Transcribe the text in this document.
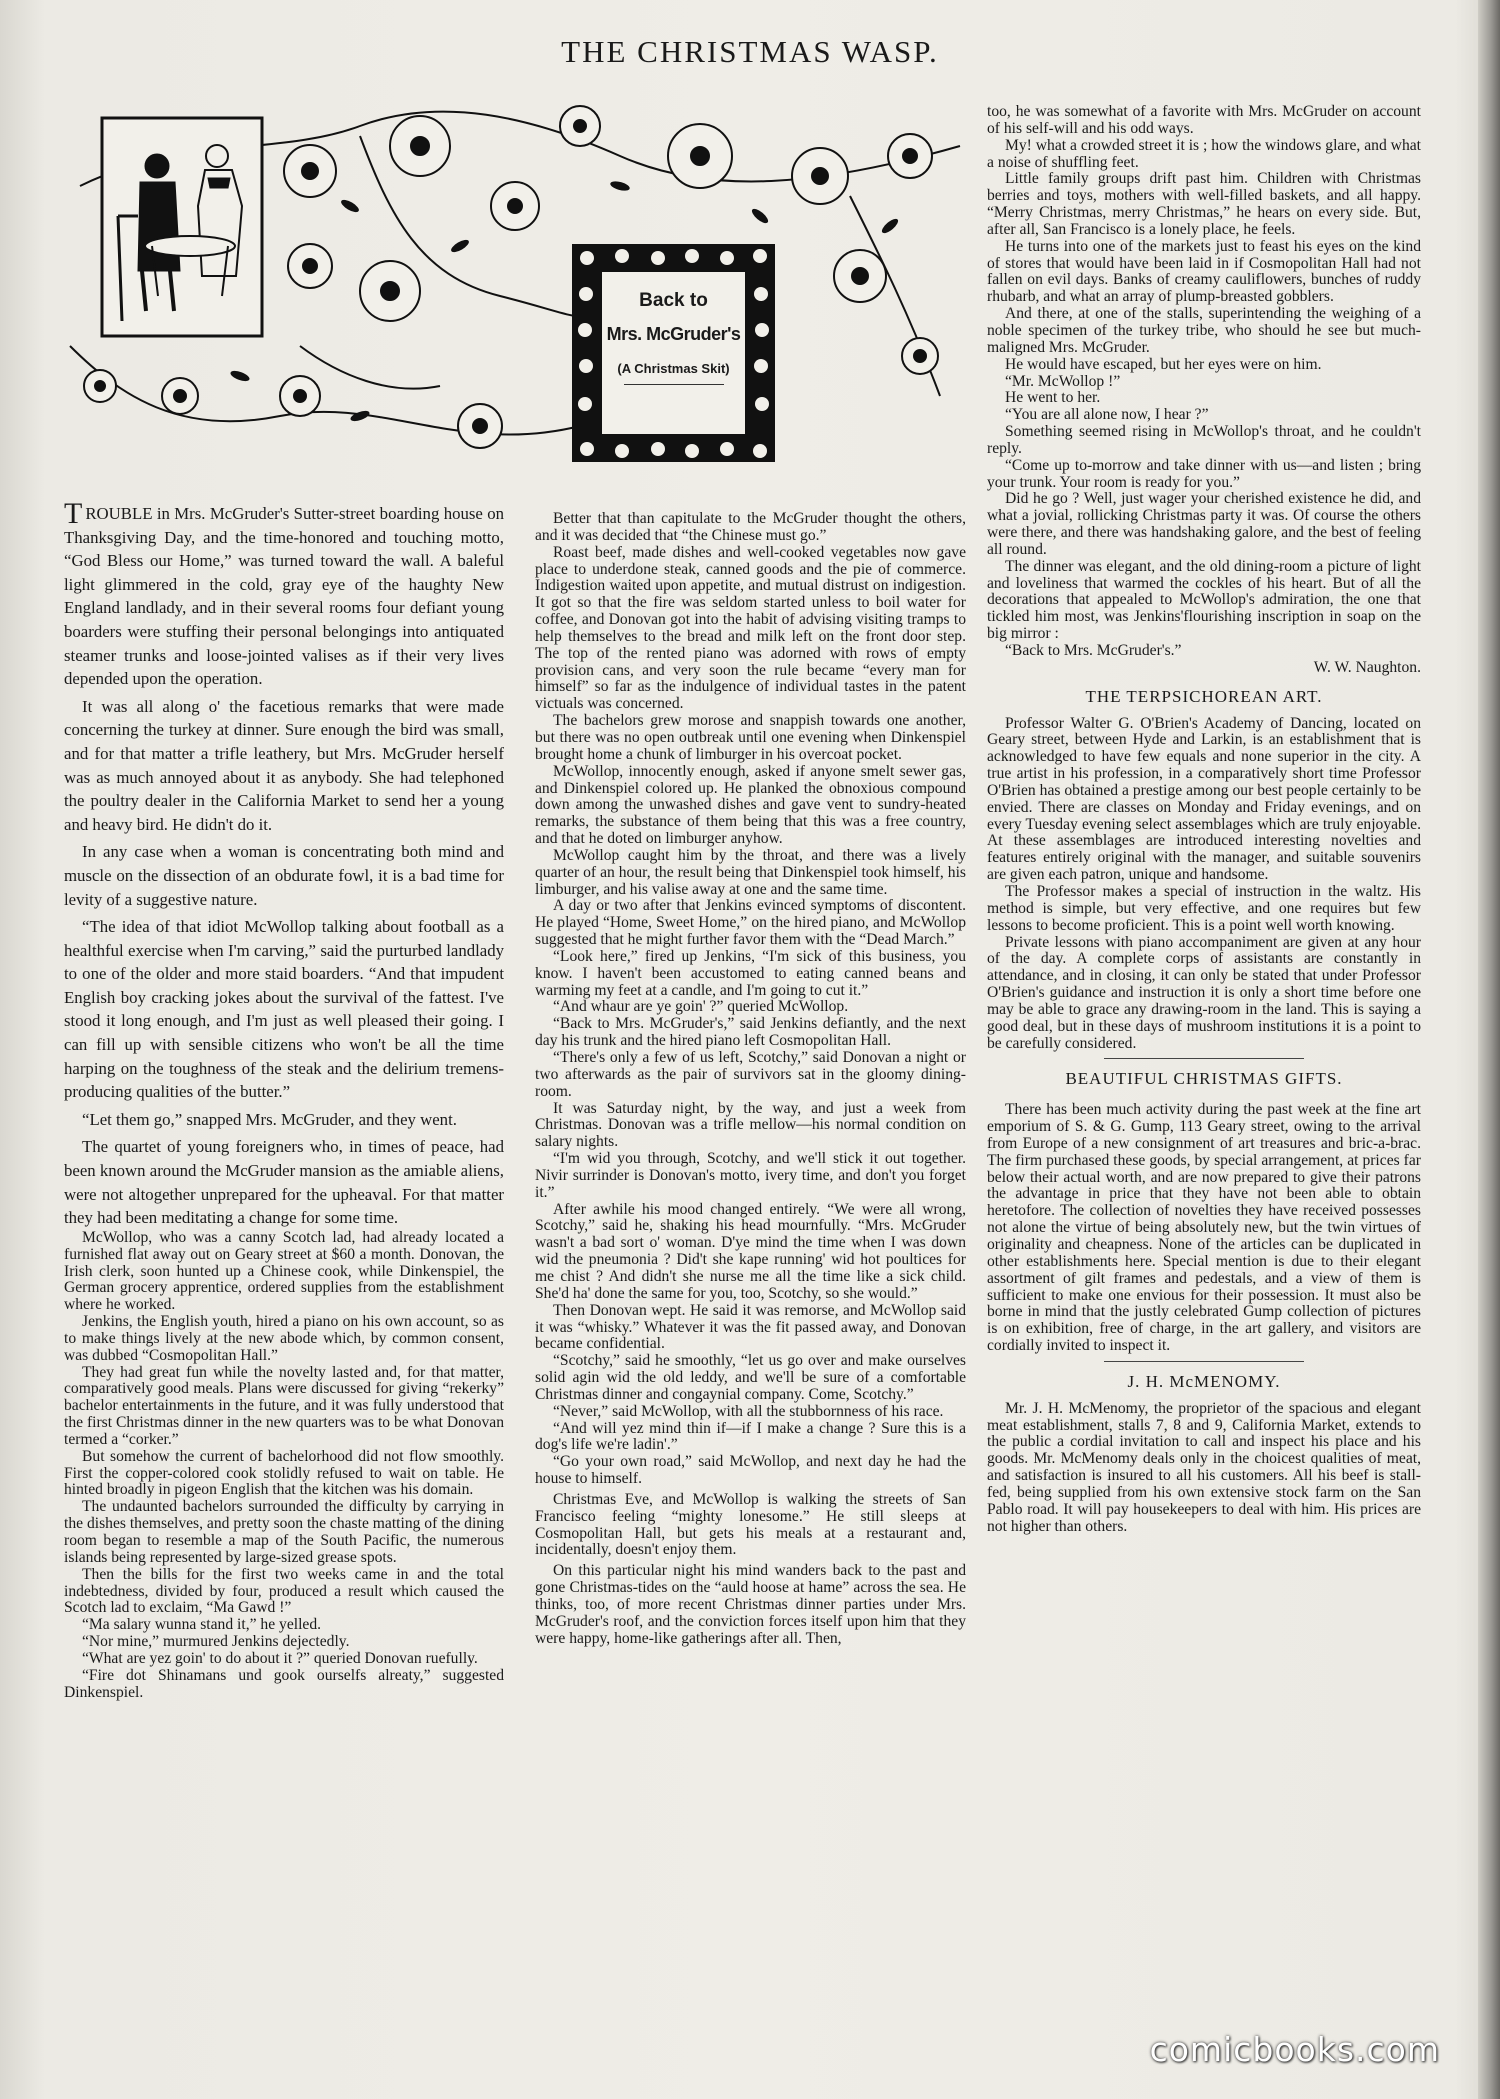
THE CHRISTMAS WASP.
Back to
Mrs. McGruder's
(A Christmas Skit)

TROUBLE in Mrs. McGruder's Sutter-street boarding house on Thanksgiving Day, and the time-honored and touching motto, “God Bless our Home,” was turned toward the wall. A baleful light glimmered in the cold, gray eye of the haughty New England landlady, and in their several rooms four defiant young boarders were stuffing their personal belongings into antiquated steamer trunks and loose-jointed valises as if their very lives depended upon the operation.

It was all along o' the facetious remarks that were made concerning the turkey at dinner. Sure enough the bird was small, and for that matter a trifle leathery, but Mrs. McGruder herself was as much annoyed about it as anybody. She had telephoned the poultry dealer in the California Market to send her a young and heavy bird. He didn't do it.

In any case when a woman is concentrating both mind and muscle on the dissection of an obdurate fowl, it is a bad time for levity of a suggestive nature.

“The idea of that idiot McWollop talking about football as a healthful exercise when I'm carving,” said the purturbed landlady to one of the older and more staid boarders. “And that impudent English boy cracking jokes about the survival of the fattest. I've stood it long enough, and I'm just as well pleased their going. I can fill up with sensible citizens who won't be all the time harping on the toughness of the steak and the delirium tremens-producing qualities of the butter.”

“Let them go,” snapped Mrs. McGruder, and they went.

The quartet of young foreigners who, in times of peace, had been known around the McGruder mansion as the amiable aliens, were not altogether unprepared for the upheaval. For that matter they had been meditating a change for some time.

McWollop, who was a canny Scotch lad, had already located a furnished flat away out on Geary street at $60 a month. Donovan, the Irish clerk, soon hunted up a Chinese cook, while Dinkenspiel, the German grocery apprentice, ordered supplies from the establishment where he worked.

Jenkins, the English youth, hired a piano on his own account, so as to make things lively at the new abode which, by common consent, was dubbed “Cosmopolitan Hall.”

They had great fun while the novelty lasted and, for that matter, comparatively good meals. Plans were discussed for giving “rekerky” bachelor entertainments in the future, and it was fully understood that the first Christmas dinner in the new quarters was to be what Donovan termed a “corker.”

But somehow the current of bachelorhood did not flow smoothly. First the copper-colored cook stolidly refused to wait on table. He hinted broadly in pigeon English that the kitchen was his domain.

The undaunted bachelors surrounded the difficulty by carrying in the dishes themselves, and pretty soon the chaste matting of the dining room began to resemble a map of the South Pacific, the numerous islands being represented by large-sized grease spots.

Then the bills for the first two weeks came in and the total indebtedness, divided by four, produced a result which caused the Scotch lad to exclaim, “Ma Gawd !”

“Ma salary wunna stand it,” he yelled.

“Nor mine,” murmured Jenkins dejectedly.

“What are yez goin' to do about it ?” queried Donovan ruefully.

“Fire dot Shinamans und gook ourselfs alreaty,” suggested Dinkenspiel.

Better that than capitulate to the McGruder thought the others, and it was decided that “the Chinese must go.”

Roast beef, made dishes and well-cooked vegetables now gave place to underdone steak, canned goods and the pie of commerce. Indigestion waited upon appetite, and mutual distrust on indigestion. It got so that the fire was seldom started unless to boil water for coffee, and Donovan got into the habit of advising visiting tramps to help themselves to the bread and milk left on the front door step. The top of the rented piano was adorned with rows of empty provision cans, and very soon the rule became “every man for himself” so far as the indulgence of individual tastes in the patent victuals was concerned.

The bachelors grew morose and snappish towards one another, but there was no open outbreak until one evening when Dinkenspiel brought home a chunk of limburger in his overcoat pocket.

McWollop, innocently enough, asked if anyone smelt sewer gas, and Dinkenspiel colored up. He planked the obnoxious compound down among the unwashed dishes and gave vent to sundry-heated remarks, the substance of them being that this was a free country, and that he doted on limburger anyhow.

McWollop caught him by the throat, and there was a lively quarter of an hour, the result being that Dinkenspiel took himself, his limburger, and his valise away at one and the same time.

A day or two after that Jenkins evinced symptoms of discontent. He played “Home, Sweet Home,” on the hired piano, and McWollop suggested that he might further favor them with the “Dead March.”

“Look here,” fired up Jenkins, “I'm sick of this business, you know. I haven't been accustomed to eating canned beans and warming my feet at a candle, and I'm going to cut it.”

“And whaur are ye goin' ?” queried McWollop.

“Back to Mrs. McGruder's,” said Jenkins defiantly, and the next day his trunk and the hired piano left Cosmopolitan Hall.

“There's only a few of us left, Scotchy,” said Donovan a night or two afterwards as the pair of survivors sat in the gloomy dining-room.

It was Saturday night, by the way, and just a week from Christmas. Donovan was a trifle mellow—his normal condition on salary nights.

“I'm wid you through, Scotchy, and we'll stick it out together. Nivir surrinder is Donovan's motto, ivery time, and don't you forget it.”

After awhile his mood changed entirely. “We were all wrong, Scotchy,” said he, shaking his head mournfully. “Mrs. McGruder wasn't a bad sort o' woman. D'ye mind the time when I was down wid the pneumonia ? Did't she kape running' wid hot poultices for me chist ? And didn't she nurse me all the time like a sick child. She'd ha' done the same for you, too, Scotchy, so she would.”

Then Donovan wept. He said it was remorse, and McWollop said it was “whisky.” Whatever it was the fit passed away, and Donovan became confidential.

“Scotchy,” said he smoothly, “let us go over and make ourselves solid agin wid the old leddy, and we'll be sure of a comfortable Christmas dinner and congaynial company. Come, Scotchy.”

“Never,” said McWollop, with all the stubbornness of his race.

“And will yez mind thin if—if I make a change ? Sure this is a dog's life we're ladin'.”

“Go your own road,” said McWollop, and next day he had the house to himself.

Christmas Eve, and McWollop is walking the streets of San Francisco feeling “mighty lonesome.” He still sleeps at Cosmopolitan Hall, but gets his meals at a restaurant and, incidentally, doesn't enjoy them.

On this particular night his mind wanders back to the past and gone Christmas-tides on the “auld hoose at hame” across the sea. He thinks, too, of more recent Christmas dinner parties under Mrs. McGruder's roof, and the conviction forces itself upon him that they were happy, home-like gatherings after all. Then,

too, he was somewhat of a favorite with Mrs. McGruder on account of his self-will and his odd ways.

My! what a crowded street it is ; how the windows glare, and what a noise of shuffling feet.

Little family groups drift past him. Children with Christmas berries and toys, mothers with well-filled baskets, and all happy. “Merry Christmas, merry Christmas,” he hears on every side. But, after all, San Francisco is a lonely place, he feels.

He turns into one of the markets just to feast his eyes on the kind of stores that would have been laid in if Cosmopolitan Hall had not fallen on evil days. Banks of creamy cauliflowers, bunches of ruddy rhubarb, and what an array of plump-breasted gobblers.

And there, at one of the stalls, superintending the weighing of a noble specimen of the turkey tribe, who should he see but much-maligned Mrs. McGruder.

He would have escaped, but her eyes were on him.

“Mr. McWollop !”

He went to her.

“You are all alone now, I hear ?”

Something seemed rising in McWollop's throat, and he couldn't reply.

“Come up to-morrow and take dinner with us—and listen ; bring your trunk. Your room is ready for you.”

Did he go ? Well, just wager your cherished existence he did, and what a jovial, rollicking Christmas party it was. Of course the others were there, and there was handshaking galore, and the best of feeling all round.

The dinner was elegant, and the old dining-room a picture of light and loveliness that warmed the cockles of his heart. But of all the decorations that appealed to McWollop's admiration, the one that tickled him most, was Jenkins'flourishing inscription in soap on the big mirror :

“Back to Mrs. McGruder's.”

W. W. Naughton.

THE TERPSICHOREAN ART.

Professor Walter G. O'Brien's Academy of Dancing, located on Geary street, between Hyde and Larkin, is an establishment that is acknowledged to have few equals and none superior in the city. A true artist in his profession, in a comparatively short time Professor O'Brien has obtained a prestige among our best people certainly to be envied. There are classes on Monday and Friday evenings, and on every Tuesday evening select assemblages which are truly enjoyable. At these assemblages are introduced interesting novelties and features entirely original with the manager, and suitable souvenirs are given each patron, unique and handsome.

The Professor makes a special of instruction in the waltz. His method is simple, but very effective, and one requires but few lessons to become proficient. This is a point well worth knowing.

Private lessons with piano accompaniment are given at any hour of the day. A complete corps of assistants are constantly in attendance, and in closing, it can only be stated that under Professor O'Brien's guidance and instruction it is only a short time before one may be able to grace any drawing-room in the land. This is saying a good deal, but in these days of mushroom institutions it is a point to be carefully considered.

BEAUTIFUL CHRISTMAS GIFTS.

There has been much activity during the past week at the fine art emporium of S. & G. Gump, 113 Geary street, owing to the arrival from Europe of a new consignment of art treasures and bric-a-brac. The firm purchased these goods, by special arrangement, at prices far below their actual worth, and are now prepared to give their patrons the advantage in price that they have not been able to obtain heretofore. The collection of novelties they have received possesses not alone the virtue of being absolutely new, but the twin virtues of originality and cheapness. None of the articles can be duplicated in other establishments here. Special mention is due to their elegant assortment of gilt frames and pedestals, and a view of them is sufficient to make one envious for their possession. It must also be borne in mind that the justly celebrated Gump collection of pictures is on exhibition, free of charge, in the art gallery, and visitors are cordially invited to inspect it.

J. H. McMENOMY.

Mr. J. H. McMenomy, the proprietor of the spacious and elegant meat establishment, stalls 7, 8 and 9, California Market, extends to the public a cordial invitation to call and inspect his place and his goods. Mr. McMenomy deals only in the choicest qualities of meat, and satisfaction is insured to all his customers. All his beef is stall-fed, being supplied from his own extensive stock farm on the San Pablo road. It will pay housekeepers to deal with him. His prices are not higher than others.

comicbooks.com
